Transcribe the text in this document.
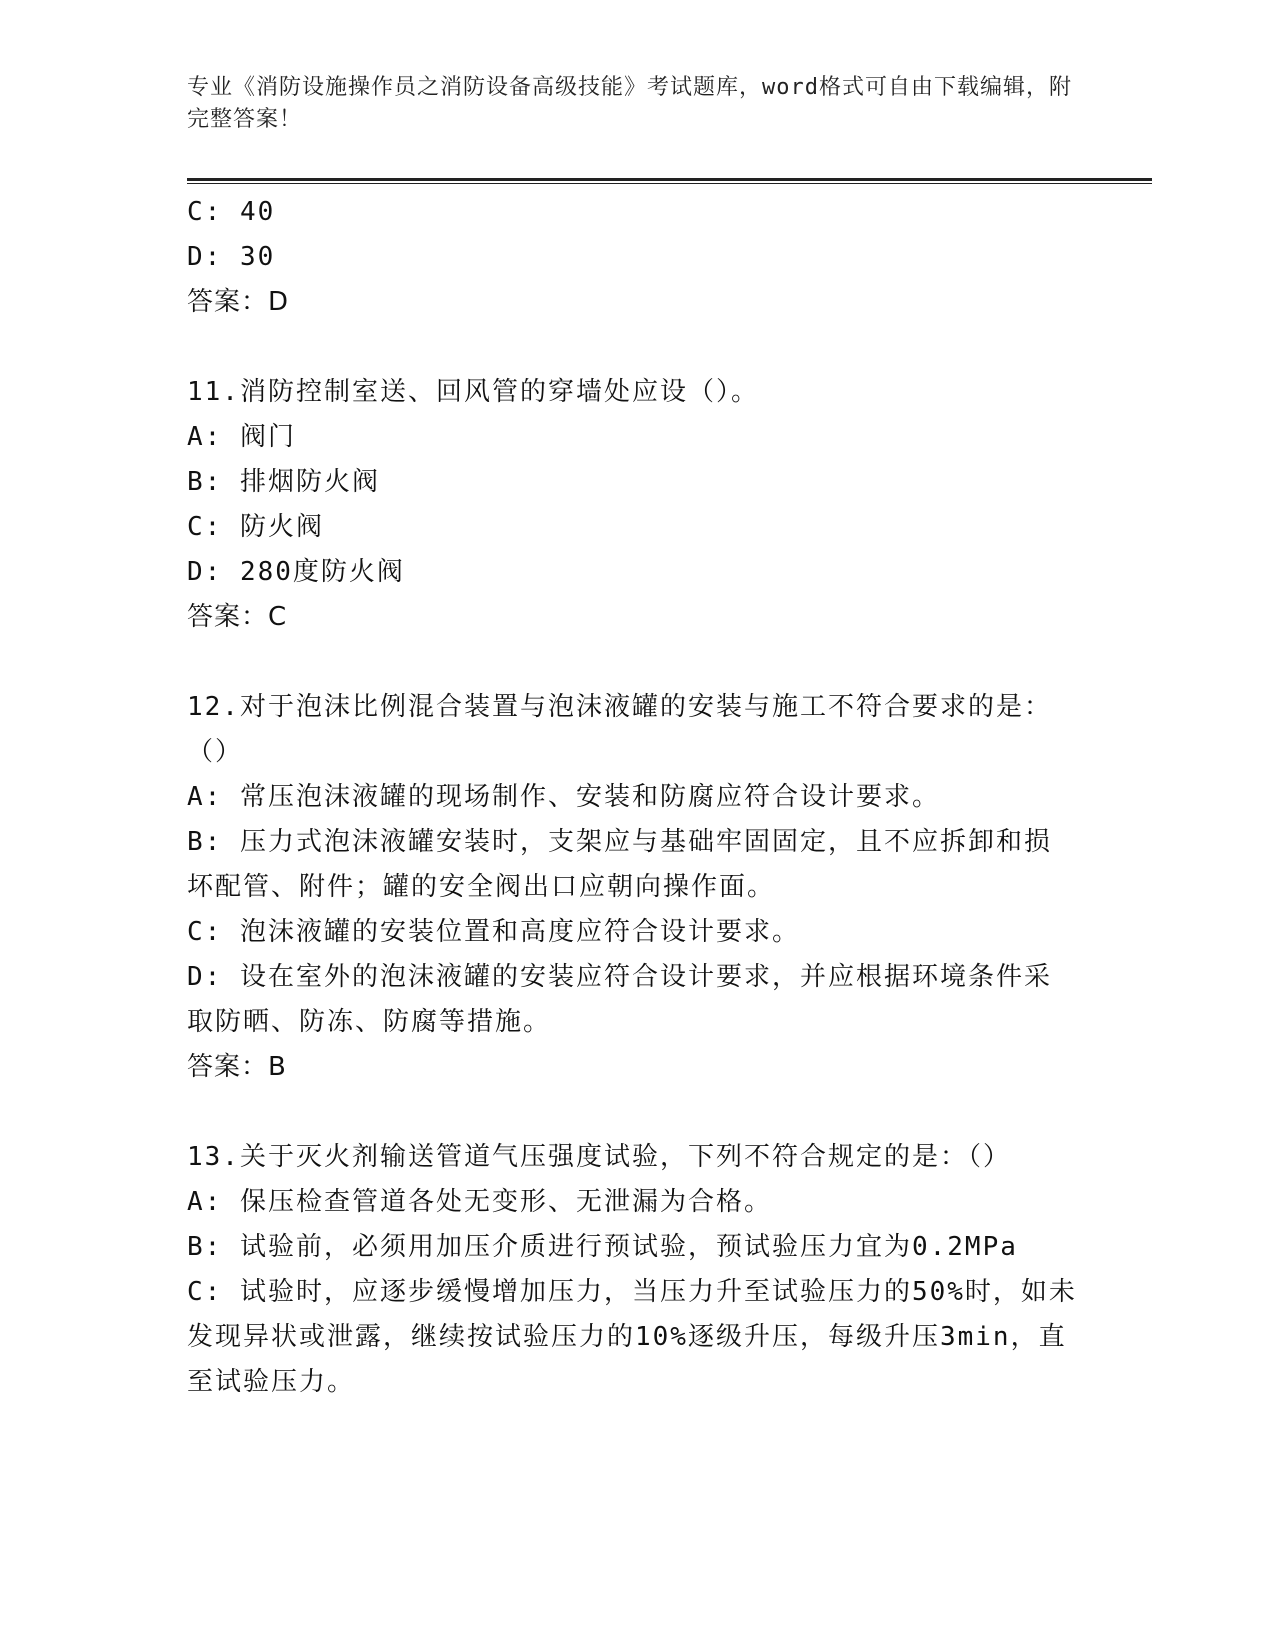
专业《消防设施操作员之消防设备高级技能》考试题库，word格式可自由下载编辑，附完整答案！

C: 40

D: 30

答案：D

11.消防控制室送、回风管的穿墙处应设（）。

A: 阀门

B: 排烟防火阀

C: 防火阀

D: 280度防火阀

答案：C

12.对于泡沫比例混合装置与泡沫液罐的安装与施工不符合要求的是：（）

A: 常压泡沫液罐的现场制作、安装和防腐应符合设计要求。

B: 压力式泡沫液罐安装时，支架应与基础牢固固定，且不应拆卸和损坏配管、附件；罐的安全阀出口应朝向操作面。

C: 泡沫液罐的安装位置和高度应符合设计要求。

D: 设在室外的泡沫液罐的安装应符合设计要求，并应根据环境条件采取防晒、防冻、防腐等措施。

答案：B

13.关于灭火剂输送管道气压强度试验，下列不符合规定的是：（）

A: 保压检查管道各处无变形、无泄漏为合格。

B: 试验前，必须用加压介质进行预试验，预试验压力宜为0.2MPa

C: 试验时，应逐步缓慢增加压力，当压力升至试验压力的50%时，如未发现异状或泄露，继续按试验压力的10%逐级升压，每级升压3min，直至试验压力。
